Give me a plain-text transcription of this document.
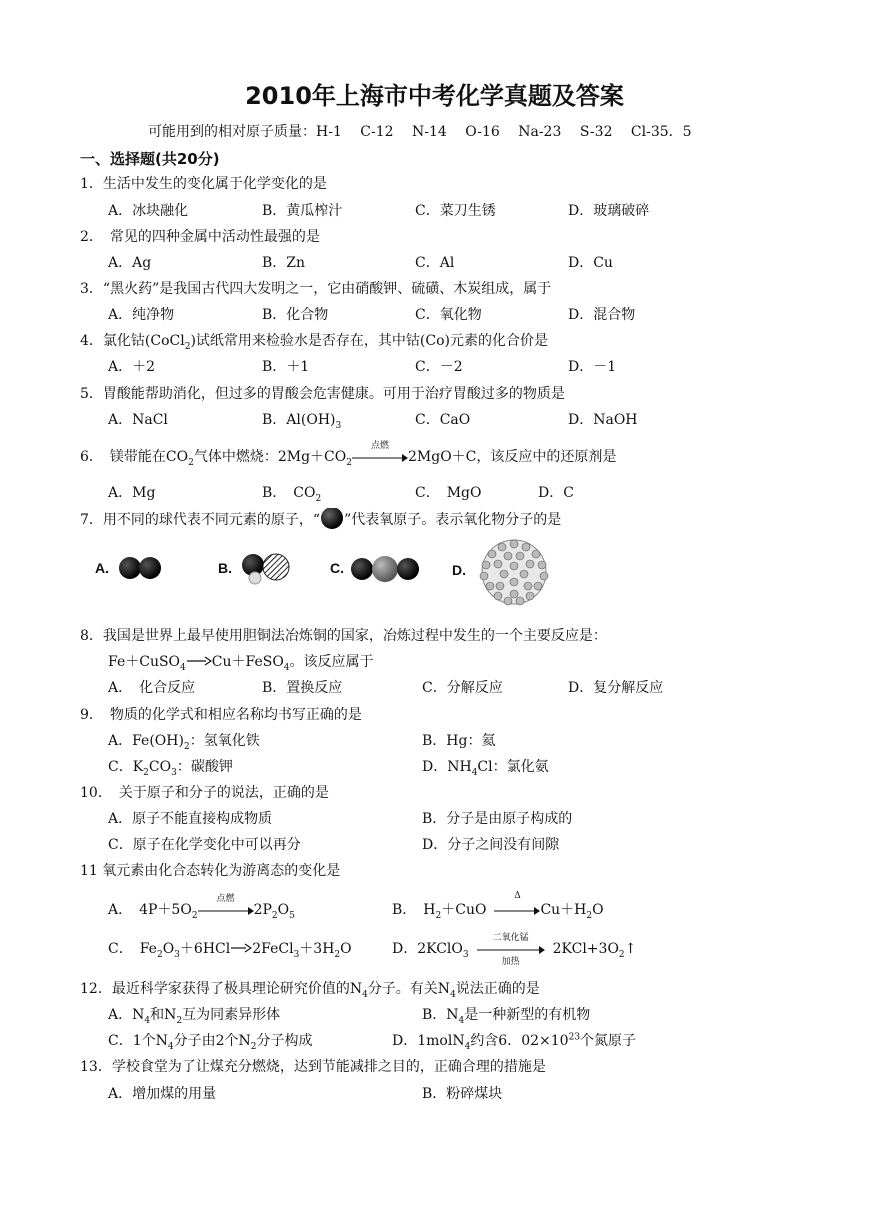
2010年上海市中考化学真题及答案
可能用到的相对原子质量：H-1　 C-12　 N-14　 O-16　 Na-23　 S-32　 Cl-35．5
一、选择题(共20分)
1．生活中发生的变化属于化学变化的是
A．冰块融化	B．黄瓜榨汁	C．菜刀生锈	D．玻璃破碎
2．　常见的四种金属中活动性最强的是
A．Ag	B．Zn	C．Al	D．Cu
3．“黑火药”是我国古代四大发明之一，它由硝酸钾、硫磺、木炭组成，属于
A．纯净物	B．化合物	C．氧化物	D．混合物
4．氯化钴(CoCl$_2$)试纸常用来检验水是否存在，其中钴(Co)元素的化合价是
A．＋2	B．＋1	C．－2	D．－1
5．胃酸能帮助消化，但过多的胃酸会危害健康。可用于治疗胃酸过多的物质是
A．NaCl	B．$Al(OH)_3$	C．CaO	D．NaOH
6．　镁带能在$CO_2$气体中燃烧：$2Mg+CO_2$
点燃
2MgO＋C，该反应中的还原剂是
A．Mg	B．　$CO_2$	C．　MgO	D．C
7．用不同的球代表不同元素的原子，“ ”代表氧原子。表示氧化物分子的是
A.	B.	C.	D.
8．我国是世界上最早使用胆铜法冶炼铜的国家，冶炼过程中发生的一个主要反应是：
Fe＋CuSO$_4$ →Cu＋FeSO$_4$。该反应属于
A．　化合反应	B．置换反应	C．分解反应	D．复分解反应
9．　物质的化学式和相应名称均书写正确的是
A．$Fe(OH)_2$：氢氧化铁	B．Hg：氦
C．$K_2CO_3$：碳酸钾	D．$NH_4Cl$：氯化氨
10．　关于原子和分子的说法，正确的是
A．原子不能直接构成物质	B．分子是由原子构成的
C．原子在化学变化中可以再分	D．分子之间没有间隙
11 氧元素由化合态转化为游离态的变化是
A．　$4P+5O_2$
点燃
$2P_2O_5$	B．　$H_2+CuO$
Δ
$Cu+H_2O$
C．　$Fe_2O_3+6HCl$ $2FeCl_3+3H_2O$	D．2KClO$_3$
二氧化锰
加热
$2KCl+3O_2↑$
12．最近科学家获得了极具理论研究价值的$N_4$分子。有关$N_4$说法正确的是
A．$N_4$和$N_2$互为同素异形体	B．$N_4$是一种新型的有机物
C．1个$N_4$分子由2个$N_2$分子构成	D．1molN$_4$约含6．$02\times 10^{23}$个氮原子
13．学校食堂为了让煤充分燃烧，达到节能减排之目的，正确合理的措施是
A．增加煤的用量	B．粉碎煤块
